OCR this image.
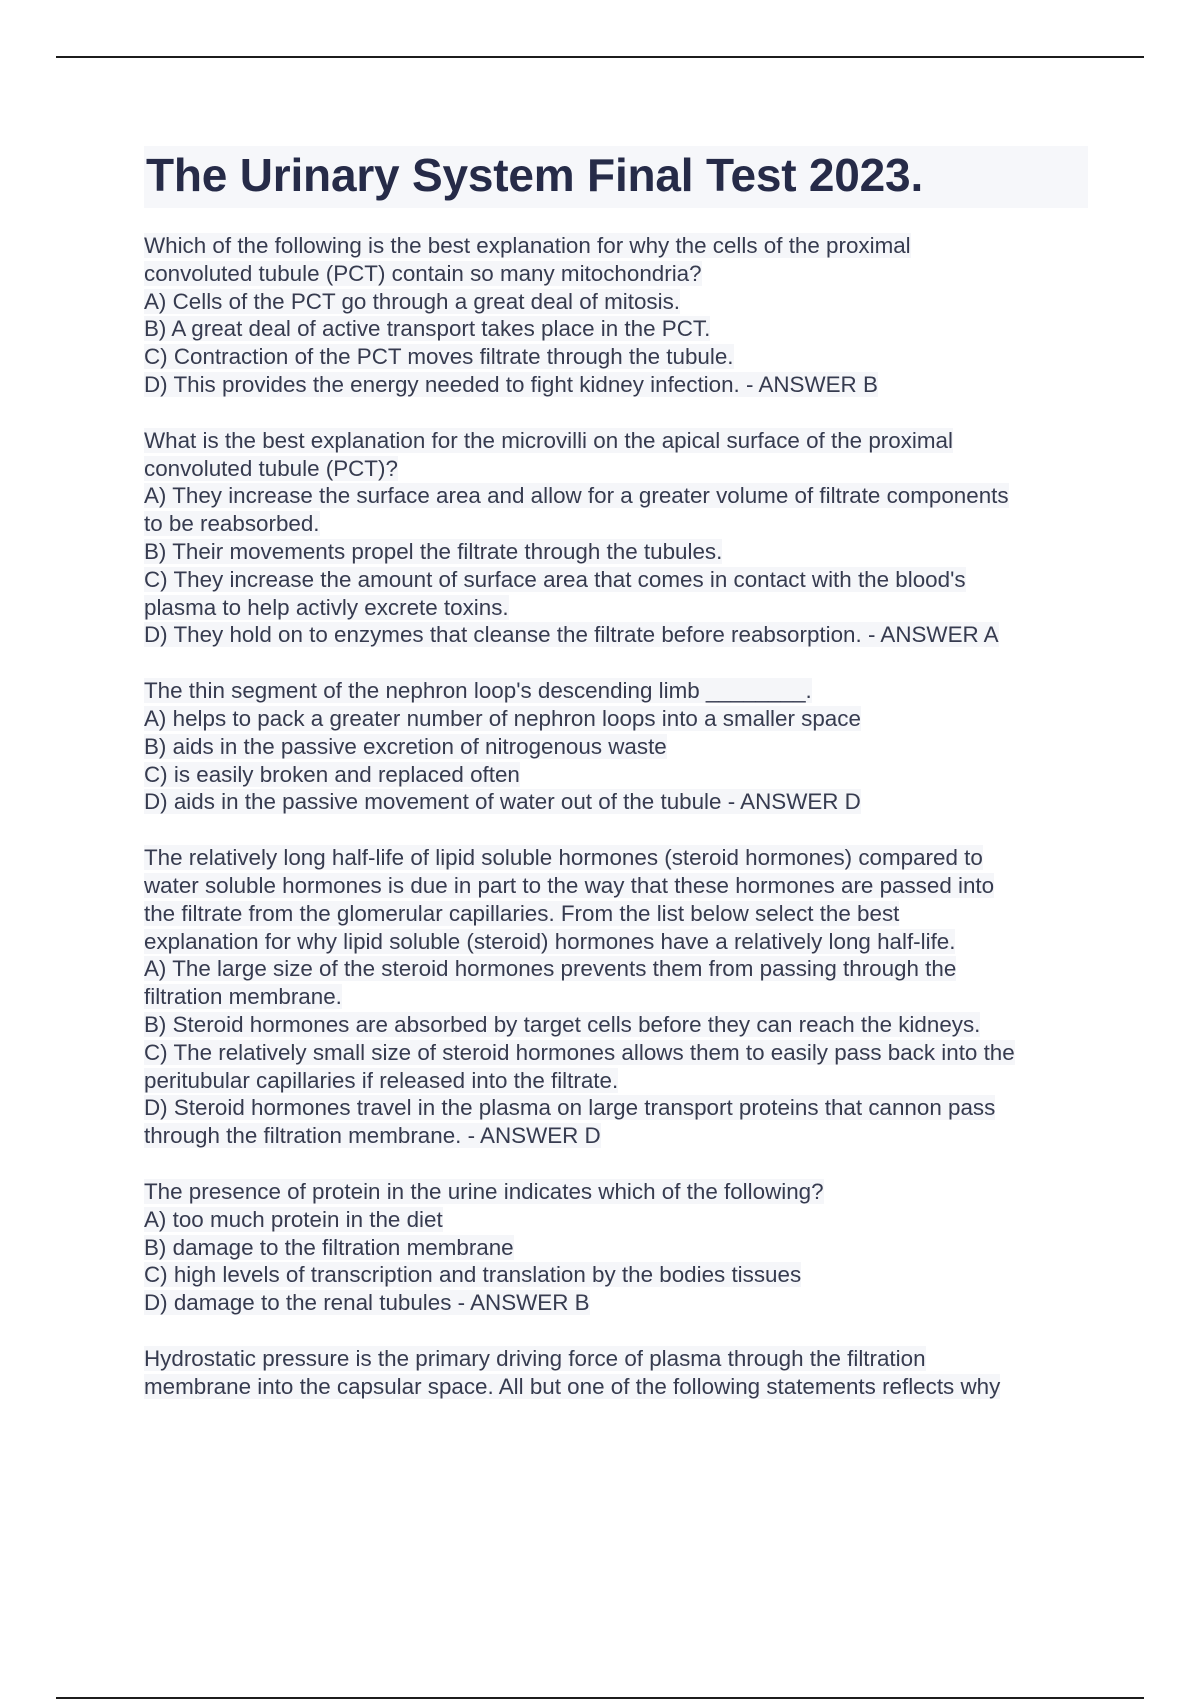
The Urinary System Final Test 2023.
Which of the following is the best explanation for why the cells of the proximal
convoluted tubule (PCT) contain so many mitochondria?
A) Cells of the PCT go through a great deal of mitosis.
B) A great deal of active transport takes place in the PCT.
C) Contraction of the PCT moves filtrate through the tubule.
D) This provides the energy needed to fight kidney infection. - ANSWER B
What is the best explanation for the microvilli on the apical surface of the proximal
convoluted tubule (PCT)?
A) They increase the surface area and allow for a greater volume of filtrate components
to be reabsorbed.
B) Their movements propel the filtrate through the tubules.
C) They increase the amount of surface area that comes in contact with the blood's
plasma to help activly excrete toxins.
D) They hold on to enzymes that cleanse the filtrate before reabsorption. - ANSWER A
The thin segment of the nephron loop's descending limb ________.
A) helps to pack a greater number of nephron loops into a smaller space
B) aids in the passive excretion of nitrogenous waste
C) is easily broken and replaced often
D) aids in the passive movement of water out of the tubule - ANSWER D
The relatively long half-life of lipid soluble hormones (steroid hormones) compared to
water soluble hormones is due in part to the way that these hormones are passed into
the filtrate from the glomerular capillaries. From the list below select the best
explanation for why lipid soluble (steroid) hormones have a relatively long half-life.
A) The large size of the steroid hormones prevents them from passing through the
filtration membrane.
B) Steroid hormones are absorbed by target cells before they can reach the kidneys.
C) The relatively small size of steroid hormones allows them to easily pass back into the
peritubular capillaries if released into the filtrate.
D) Steroid hormones travel in the plasma on large transport proteins that cannon pass
through the filtration membrane. - ANSWER D
The presence of protein in the urine indicates which of the following?
A) too much protein in the diet
B) damage to the filtration membrane
C) high levels of transcription and translation by the bodies tissues
D) damage to the renal tubules - ANSWER B
Hydrostatic pressure is the primary driving force of plasma through the filtration
membrane into the capsular space. All but one of the following statements reflects why
